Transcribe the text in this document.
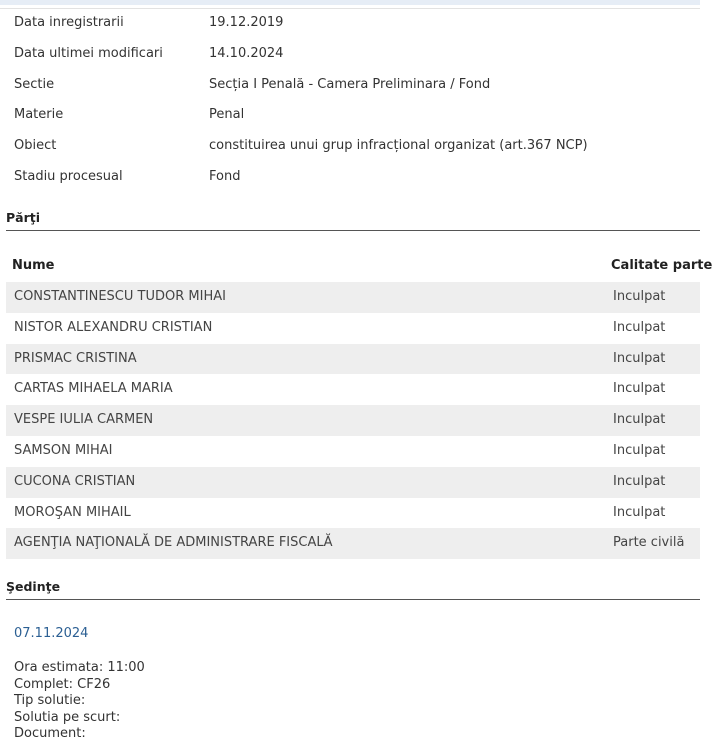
Data inregistrarii	19.12.2019
Data ultimei modificari	14.10.2024
Sectie	Secția I Penală - Camera Preliminara / Fond
Materie	Penal
Obiect	constituirea unui grup infracțional organizat (art.367 NCP)
Stadiu procesual	Fond
Părţi
Nume	Calitate parte
CONSTANTINESCU TUDOR MIHAI	Inculpat
NISTOR ALEXANDRU CRISTIAN	Inculpat
PRISMAC CRISTINA	Inculpat
CARTAS MIHAELA MARIA	Inculpat
VESPE IULIA CARMEN	Inculpat
SAMSON MIHAI	Inculpat
CUCONA CRISTIAN	Inculpat
MOROŞAN MIHAIL	Inculpat
AGENŢIA NAŢIONALĂ DE ADMINISTRARE FISCALĂ	Parte civilă
Şedinţe
07.11.2024
Ora estimata: 11:00
Complet: CF26
Tip solutie:
Solutia pe scurt:
Document:
